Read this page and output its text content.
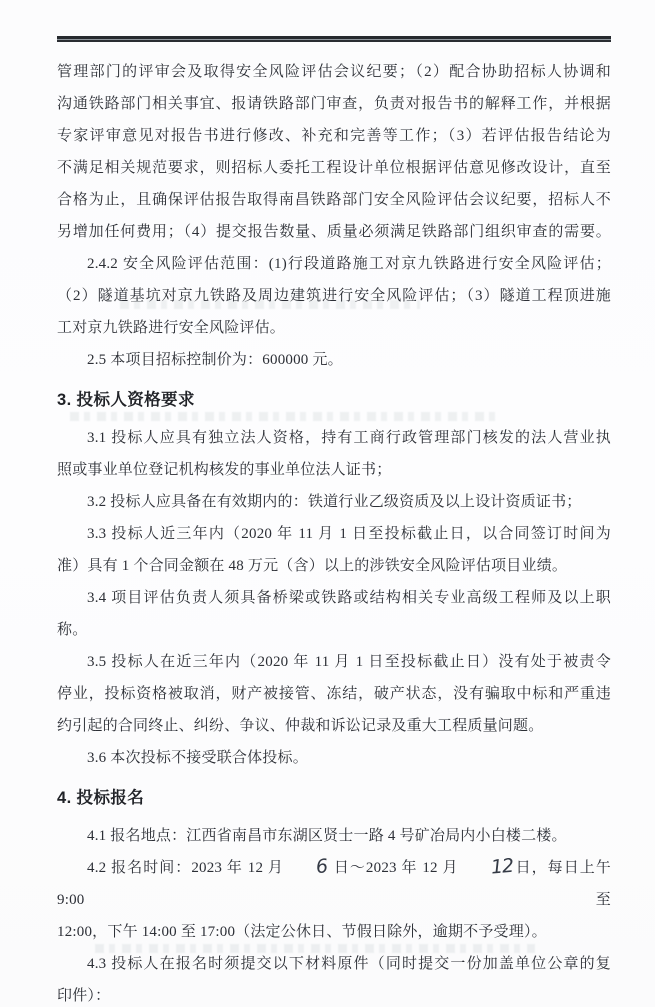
管理部门的评审会及取得安全风险评估会议纪要；（2）配合协助招标人协调和
沟通铁路部门相关事宜、报请铁路部门审查，负责对报告书的解释工作，并根据
专家评审意见对报告书进行修改、补充和完善等工作；（3）若评估报告结论为
不满足相关规范要求，则招标人委托工程设计单位根据评估意见修改设计，直至
合格为止，且确保评估报告取得南昌铁路部门安全风险评估会议纪要，招标人不
另增加任何费用；（4）提交报告数量、质量必须满足铁路部门组织审查的需要。
2.4.2 安全风险评估范围：(1)行段道路施工对京九铁路进行安全风险评估；
（2）隧道基坑对京九铁路及周边建筑进行安全风险评估；（3）隧道工程顶进施
工对京九铁路进行安全风险评估。
2.5 本项目招标控制价为：600000 元。
3. 投标人资格要求
3.1 投标人应具有独立法人资格，持有工商行政管理部门核发的法人营业执
照或事业单位登记机构核发的事业单位法人证书；
3.2 投标人应具备在有效期内的：铁道行业乙级资质及以上设计资质证书；
3.3 投标人近三年内（2020 年 11 月 1 日至投标截止日，以合同签订时间为
准）具有 1 个合同金额在 48 万元（含）以上的涉铁安全风险评估项目业绩。
3.4 项目评估负责人须具备桥梁或铁路或结构相关专业高级工程师及以上职
称。
3.5 投标人在近三年内（2020 年 11 月 1 日至投标截止日）没有处于被责令
停业，投标资格被取消，财产被接管、冻结，破产状态，没有骗取中标和严重违
约引起的合同终止、纠纷、争议、仲裁和诉讼记录及重大工程质量问题。
3.6 本次投标不接受联合体投标。
4. 投标报名
4.1 报名地点：江西省南昌市东湖区贤士一路 4 号矿冶局内小白楼二楼。
4.2 报名时间：2023 年 12 月 6 日～2023 年 12 月 12日，每日上午 9:00 至
12:00，下午 14:00 至 17:00（法定公休日、节假日除外，逾期不予受理）。
4.3 投标人在报名时须提交以下材料原件（同时提交一份加盖单位公章的复
印件）：
